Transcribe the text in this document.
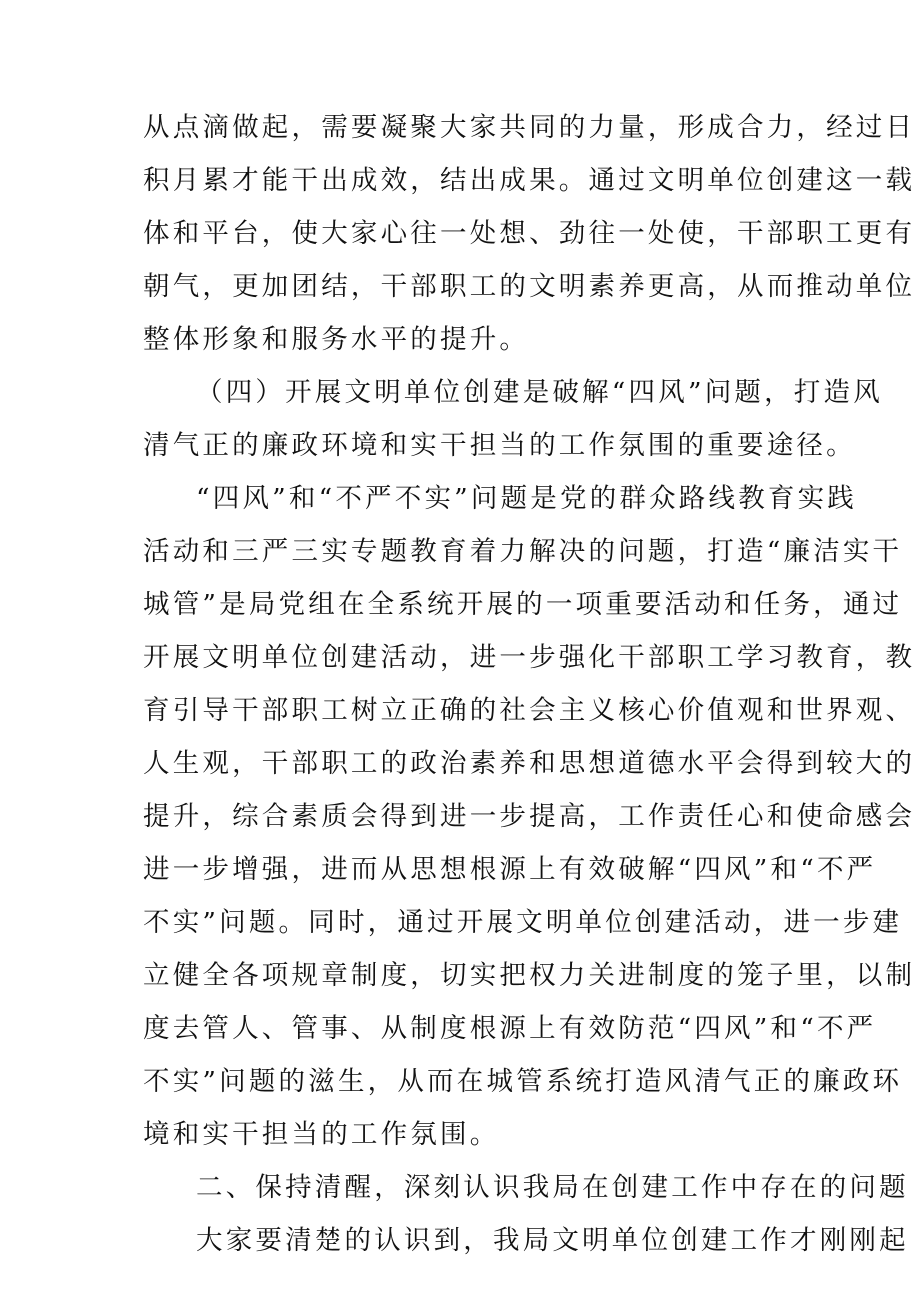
从点滴做起，需要凝聚大家共同的力量，形成合力，经过日
积月累才能干出成效，结出成果。通过文明单位创建这一载
体和平台，使大家心往一处想、劲往一处使，干部职工更有
朝气，更加团结，干部职工的文明素养更高，从而推动单位
整体形象和服务水平的提升。
（四）开展文明单位创建是破解“四风”问题，打造风
清气正的廉政环境和实干担当的工作氛围的重要途径。
“四风”和“不严不实”问题是党的群众路线教育实践
活动和三严三实专题教育着力解决的问题，打造“廉洁实干
城管”是局党组在全系统开展的一项重要活动和任务，通过
开展文明单位创建活动，进一步强化干部职工学习教育，教
育引导干部职工树立正确的社会主义核心价值观和世界观、
人生观，干部职工的政治素养和思想道德水平会得到较大的
提升，综合素质会得到进一步提高，工作责任心和使命感会
进一步增强，进而从思想根源上有效破解“四风”和“不严
不实”问题。同时，通过开展文明单位创建活动，进一步建
立健全各项规章制度，切实把权力关进制度的笼子里，以制
度去管人、管事、从制度根源上有效防范“四风”和“不严
不实”问题的滋生，从而在城管系统打造风清气正的廉政环
境和实干担当的工作氛围。
二、保持清醒，深刻认识我局在创建工作中存在的问题
大家要清楚的认识到，我局文明单位创建工作才刚刚起
